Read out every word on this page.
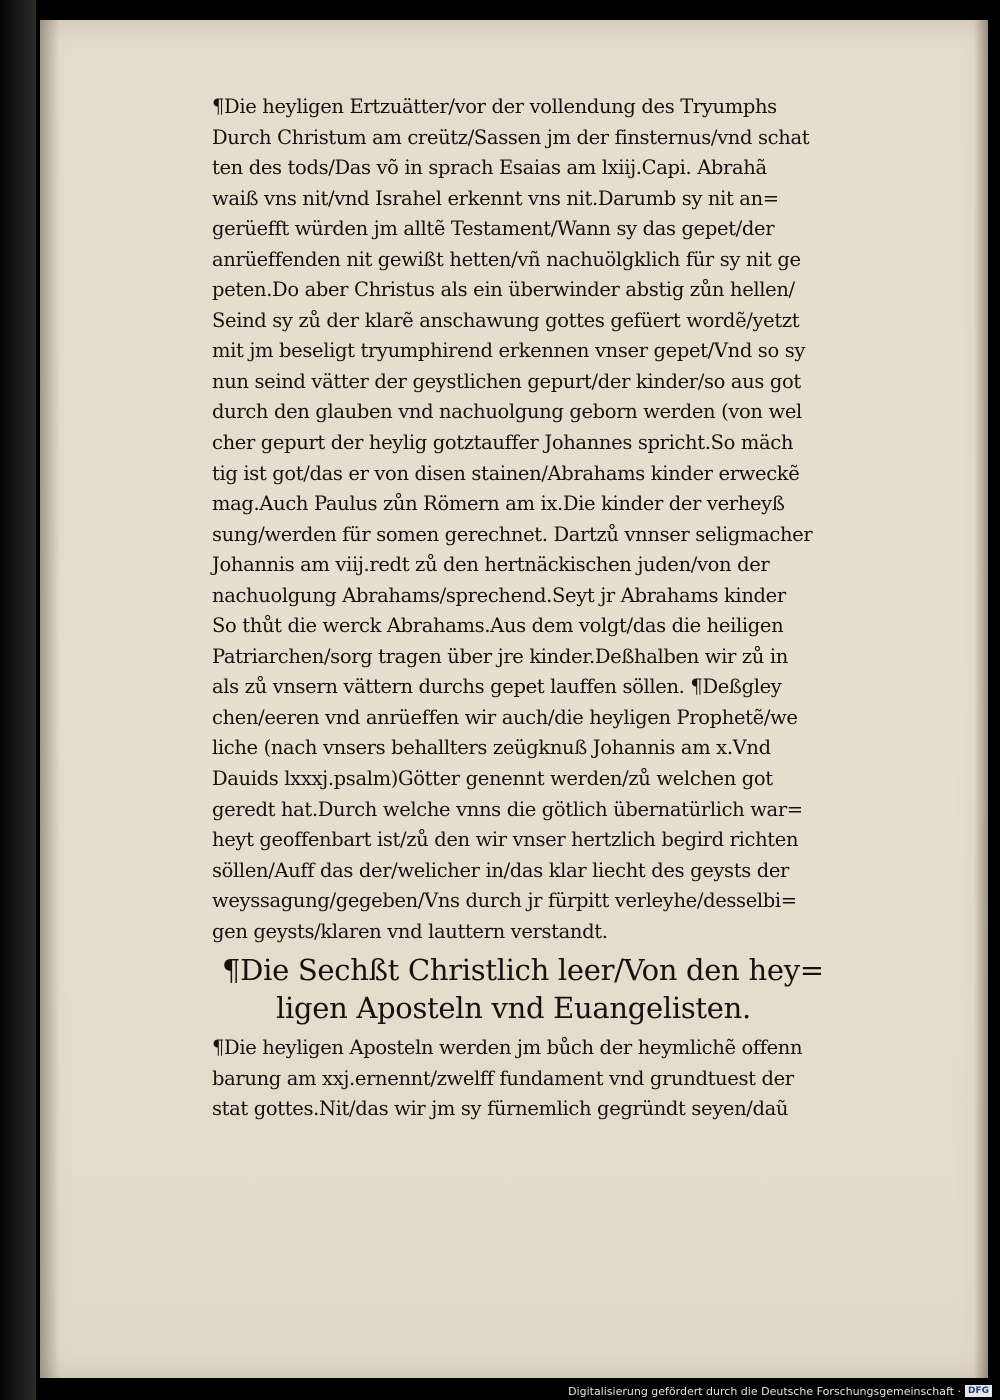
¶Die heyligen Ertzuätter/vor der vollendung des Tryumphs
Durch Christum am creütz/Sassen jm der finsternus/vnd schat
ten des tods/Das võ in sprach Esaias am lxiij.Capi. Abrahã
waiß vns nit/vnd Israhel erkennt vns nit.Darumb sy nit an=
gerüefft würden jm alltẽ Testament/Wann sy das gepet/der
anrüeffenden nit gewißt hetten/vñ nachuölgklich für sy nit ge
peten.Do aber Christus als ein überwinder abstig zůn hellen/
Seind sy zů der klarẽ anschawung gottes gefüert wordẽ/yetzt
mit jm beseligt tryumphirend erkennen vnser gepet/Vnd so sy
nun seind vätter der geystlichen gepurt/der kinder/so aus got
durch den glauben vnd nachuolgung geborn werden (von wel
cher gepurt der heylig gotztauffer Johannes spricht.So mäch
tig ist got/das er von disen stainen/Abrahams kinder erweckẽ
mag.Auch Paulus zůn Römern am ix.Die kinder der verheyß
sung/werden für somen gerechnet. Dartzů vnnser seligmacher
Johannis am viij.redt zů den hertnäckischen juden/von der
nachuolgung Abrahams/sprechend.Seyt jr Abrahams kinder
So thůt die werck Abrahams.Aus dem volgt/das die heiligen
Patriarchen/sorg tragen über jre kinder.Deßhalben wir zů in
als zů vnsern vättern durchs gepet lauffen söllen. ¶Deßgley
chen/eeren vnd anrüeffen wir auch/die heyligen Prophetẽ/we
liche (nach vnsers behallters zeügknuß Johannis am x.Vnd
Dauids lxxxj.psalm)Götter genennt werden/zů welchen got
geredt hat.Durch welche vnns die götlich übernatürlich war=
heyt geoffenbart ist/zů den wir vnser hertzlich begird richten
söllen/Auff das der/welicher in/das klar liecht des geysts der
weyssagung/gegeben/Vns durch jr fürpitt verleyhe/desselbi=
gen geysts/klaren vnd lauttern verstandt.
¶Die Sechßt Christlich leer/Von den hey=
ligen Aposteln vnd Euangelisten.
¶Die heyligen Aposteln werden jm bůch der heymlichẽ offenn
barung am xxj.ernennt/zwelff fundament vnd grundtuest der
stat gottes.Nit/das wir jm sy fürnemlich gegründt seyen/daũ
Digitalisierung gefördert durch die Deutsche Forschungsgemeinschaft · DFG
